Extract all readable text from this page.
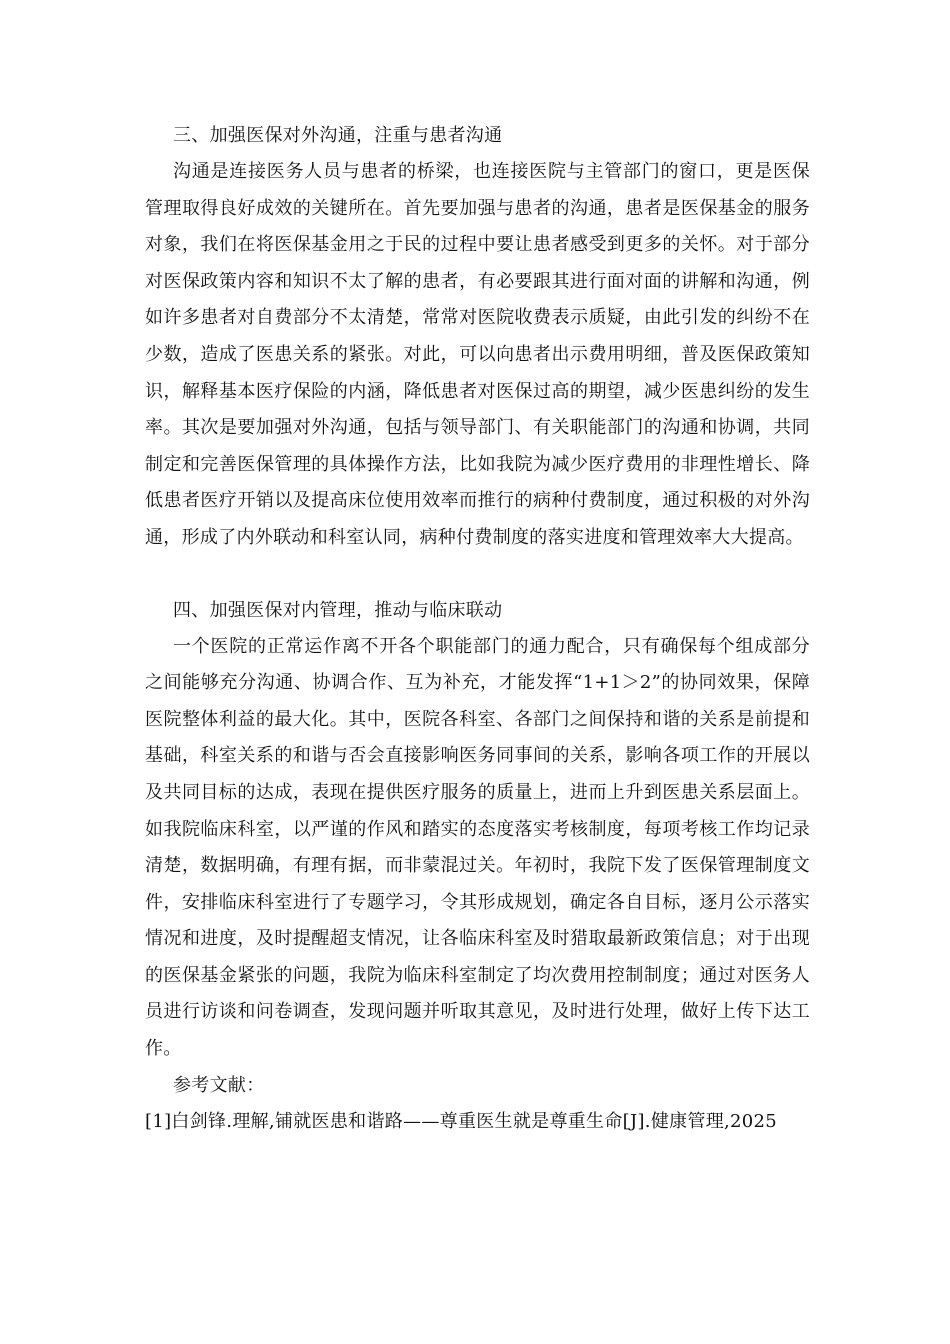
三、加强医保对外沟通，注重与患者沟通

沟通是连接医务人员与患者的桥梁，也连接医院与主管部门的窗口，更是医保管理取得良好成效的关键所在。首先要加强与患者的沟通，患者是医保基金的服务对象，我们在将医保基金用之于民的过程中要让患者感受到更多的关怀。对于部分对医保政策内容和知识不太了解的患者，有必要跟其进行面对面的讲解和沟通，例如许多患者对自费部分不太清楚，常常对医院收费表示质疑，由此引发的纠纷不在少数，造成了医患关系的紧张。对此，可以向患者出示费用明细，普及医保政策知识，解释基本医疗保险的内涵，降低患者对医保过高的期望，减少医患纠纷的发生率。其次是要加强对外沟通，包括与领导部门、有关职能部门的沟通和协调，共同制定和完善医保管理的具体操作方法，比如我院为减少医疗费用的非理性增长、降低患者医疗开销以及提高床位使用效率而推行的病种付费制度，通过积极的对外沟通，形成了内外联动和科室认同，病种付费制度的落实进度和管理效率大大提高。

四、加强医保对内管理，推动与临床联动

一个医院的正常运作离不开各个职能部门的通力配合，只有确保每个组成部分之间能够充分沟通、协调合作、互为补充，才能发挥“1+1＞2”的协同效果，保障医院整体利益的最大化。其中，医院各科室、各部门之间保持和谐的关系是前提和基础，科室关系的和谐与否会直接影响医务同事间的关系，影响各项工作的开展以及共同目标的达成，表现在提供医疗服务的质量上，进而上升到医患关系层面上。如我院临床科室，以严谨的作风和踏实的态度落实考核制度，每项考核工作均记录清楚，数据明确，有理有据，而非蒙混过关。年初时，我院下发了医保管理制度文件，安排临床科室进行了专题学习，令其形成规划，确定各自目标，逐月公示落实情况和进度，及时提醒超支情况，让各临床科室及时猎取最新政策信息；对于出现的医保基金紧张的问题，我院为临床科室制定了均次费用控制制度；通过对医务人员进行访谈和问卷调查，发现问题并听取其意见，及时进行处理，做好上传下达工作。

参考文献：

[1]白剑锋.理解,铺就医患和谐路——尊重医生就是尊重生命[J].健康管理,2025
